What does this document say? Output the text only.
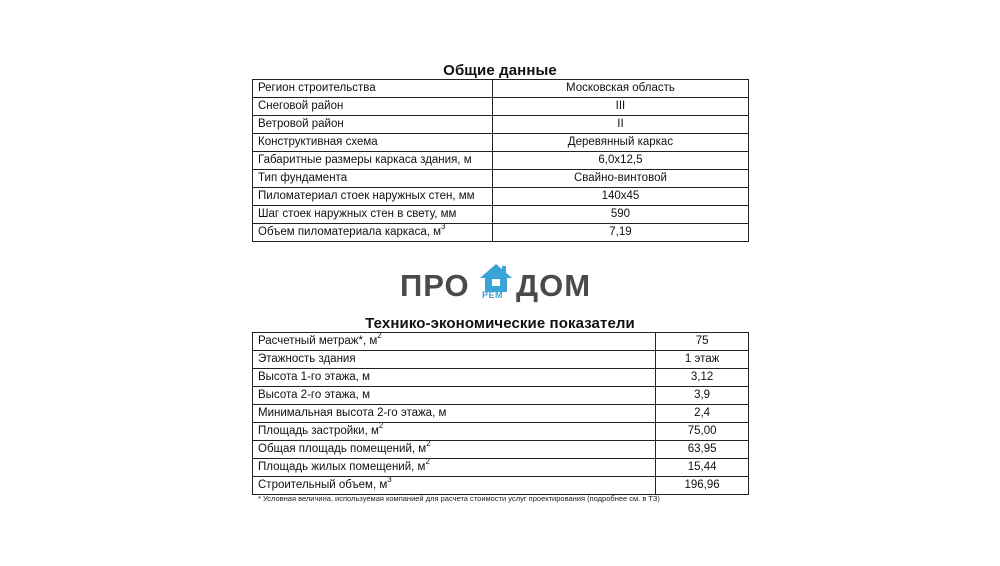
Общие данные
Регион строительства	Московская область
Снеговой район	III
Ветровой район	II
Конструктивная схема	Деревянный каркас
Габаритные размеры каркаса здания, м	6,0х12,5
Тип фундамента	Свайно-винтовой
Пиломатериал стоек наружных стен, мм	140х45
Шаг стоек наружных стен в свету, мм	590
Объем пиломатериала каркаса, $м^3$	7,19
ПРО РЕМ ДОМ
Технико-экономические показатели
Расчетный метраж*, $м^2$	75
Этажность здания	1 этаж
Высота 1-го этажа, м	3,12
Высота 2-го этажа, м	3,9
Минимальная высота 2-го этажа, м	2,4
Площадь застройки, $м^2$	75,00
Общая площадь помещений, $м^2$	63,95
Площадь жилых помещений, $м^2$	15,44
Строительный объем, $м^3$	196,96
* Условная величина, используемая компанией для расчета стоимости услуг проектирования (подробнее см. в ТЗ)
